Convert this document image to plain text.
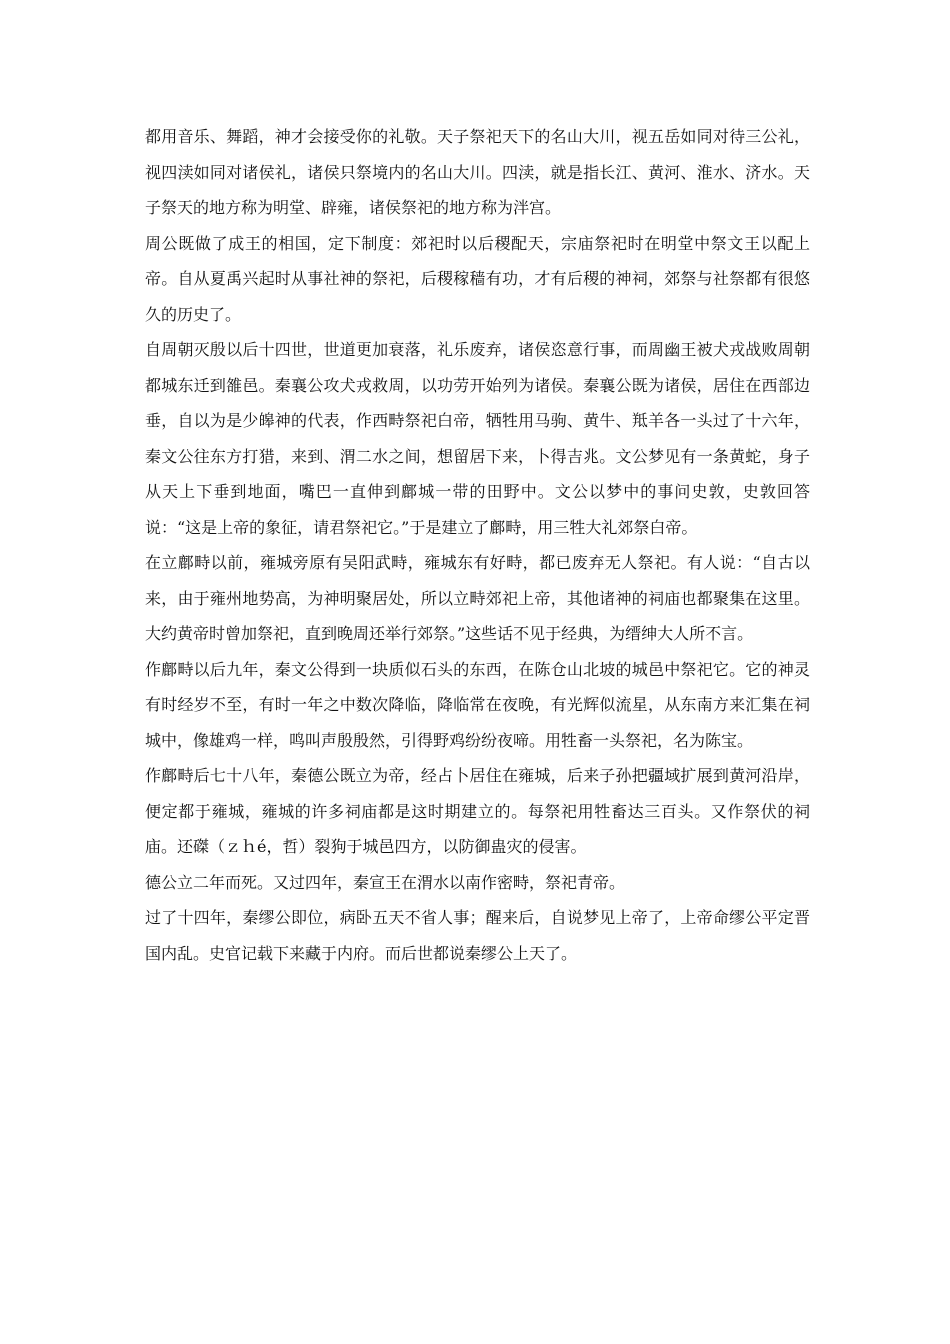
都用音乐、舞蹈，神才会接受你的礼敬。天子祭祀天下的名山大川，视五岳如同对待三公礼，视四渎如同对诸侯礼，诸侯只祭境内的名山大川。四渎，就是指长江、黄河、淮水、济水。天子祭天的地方称为明堂、辟雍，诸侯祭祀的地方称为泮宫。

周公既做了成王的相国，定下制度：郊祀时以后稷配天，宗庙祭祀时在明堂中祭文王以配上帝。自从夏禹兴起时从事社神的祭祀，后稷稼穑有功，才有后稷的神祠，郊祭与社祭都有很悠久的历史了。

自周朝灭殷以后十四世，世道更加衰落，礼乐废弃，诸侯恣意行事，而周幽王被犬戎战败周朝都城东迁到雒邑。秦襄公攻犬戎救周，以功劳开始列为诸侯。秦襄公既为诸侯，居住在西部边垂，自以为是少皞神的代表，作西畤祭祀白帝，牺牲用马驹、黄牛、羝羊各一头过了十六年，秦文公往东方打猎，来到、渭二水之间，想留居下来，卜得吉兆。文公梦见有一条黄蛇，身子从天上下垂到地面，嘴巴一直伸到鄜城一带的田野中。文公以梦中的事问史敦，史敦回答说：“这是上帝的象征，请君祭祀它。”于是建立了鄜畤，用三牲大礼郊祭白帝。

在立鄜畤以前，雍城旁原有吴阳武畤，雍城东有好畤，都已废弃无人祭祀。有人说：“自古以来，由于雍州地势高，为神明聚居处，所以立畤郊祀上帝，其他诸神的祠庙也都聚集在这里。大约黄帝时曾加祭祀，直到晚周还举行郊祭。”这些话不见于经典，为缙绅大人所不言。

作鄜畤以后九年，秦文公得到一块质似石头的东西，在陈仓山北坡的城邑中祭祀它。它的神灵有时经岁不至，有时一年之中数次降临，降临常在夜晚，有光辉似流星，从东南方来汇集在祠城中，像雄鸡一样，鸣叫声殷殷然，引得野鸡纷纷夜啼。用牲畜一头祭祀，名为陈宝。

作鄜畤后七十八年，秦德公既立为帝，经占卜居住在雍城，后来子孙把疆域扩展到黄河沿岸，便定都于雍城，雍城的许多祠庙都是这时期建立的。每祭祀用牲畜达三百头。又作祭伏的祠庙。还磔（ｚｈé，哲）裂狗于城邑四方，以防御蛊灾的侵害。

德公立二年而死。又过四年，秦宣王在渭水以南作密畤，祭祀青帝。

过了十四年，秦缪公即位，病卧五天不省人事；醒来后，自说梦见上帝了，上帝命缪公平定晋国内乱。史官记载下来藏于内府。而后世都说秦缪公上天了。
